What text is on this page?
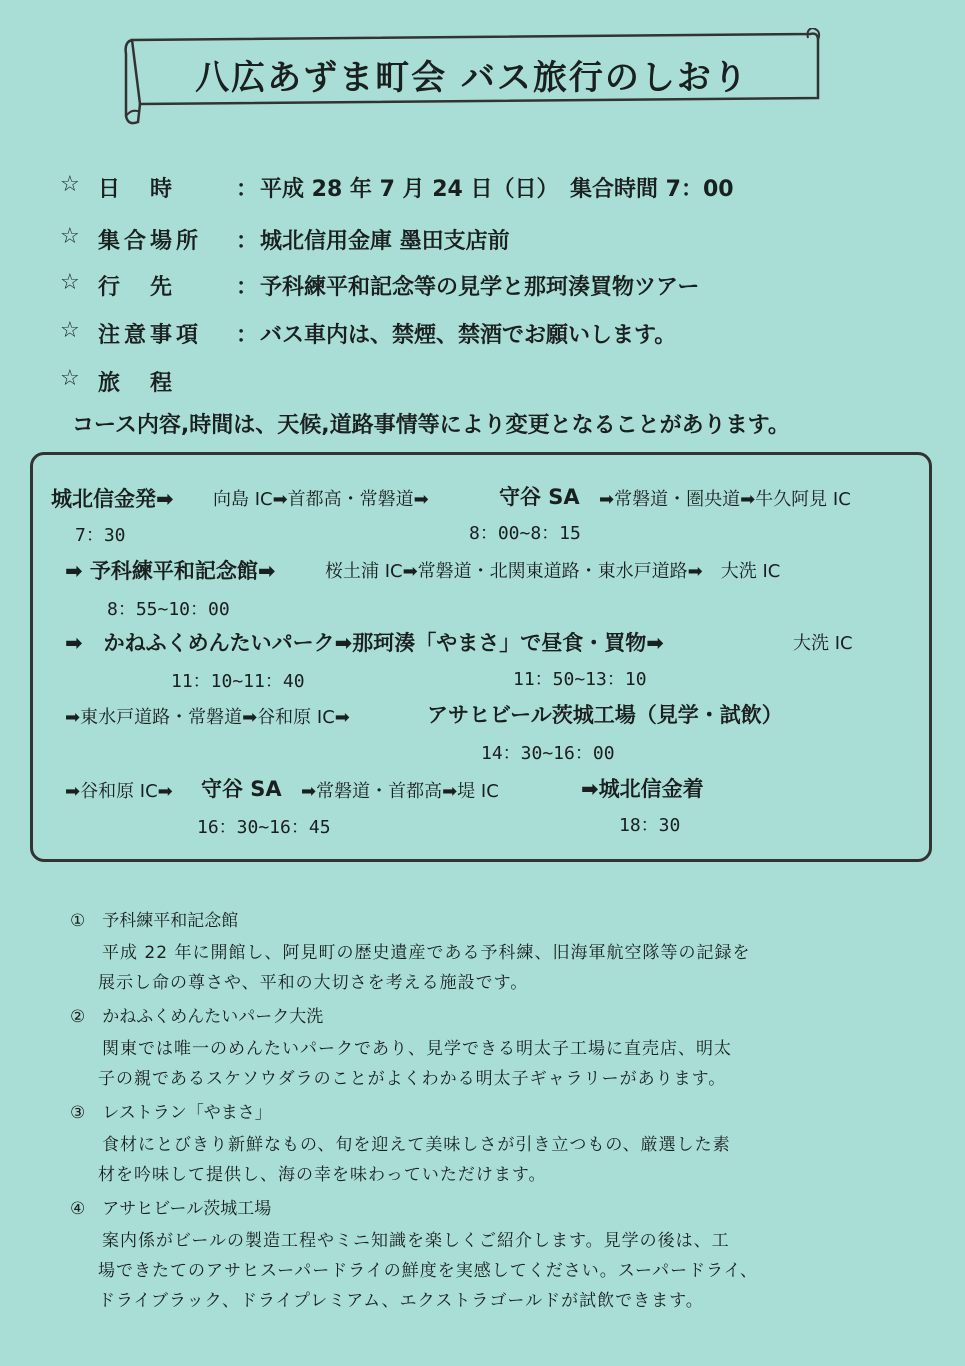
八広あずま町会 バス旅行のしおり
☆ 日　時	： 平成 28 年 7 月 24 日（日） 集合時間 7：00
☆ 集合場所	： 城北信用金庫 墨田支店前
☆ 行　先	： 予科練平和記念等の見学と那珂湊買物ツアー
☆ 注意事項	： バス車内は、禁煙、禁酒でお願いします。
☆ 旅　程
コース内容,時間は、天候,道路事情等により変更となることがあります。
城北信金発➡ 向島 IC➡首都高・常磐道➡	守谷 SA ➡常磐道・圏央道➡牛久阿見 IC
7：30	8：00~8：15
➡ 予科練平和記念館➡	桜土浦 IC➡常磐道・北関東道路・東水戸道路➡　大洗 IC
8：55~10：00
➡　かねふくめんたいパーク➡那珂湊「やまさ」で昼食・買物➡	大洗 IC
11：10~11：40	11：50~13：10
➡東水戸道路・常磐道➡谷和原 IC➡	アサヒビール茨城工場（見学・試飲）
14：30~16：00
➡谷和原 IC➡ 守谷 SA ➡常磐道・首都高➡堤 IC	➡城北信金着
16：30~16：45	18：30
①　予科練平和記念館
平成 22 年に開館し、阿見町の歴史遺産である予科練、旧海軍航空隊等の記録を
展示し命の尊さや、平和の大切さを考える施設です。
②　かねふくめんたいパーク大洗
関東では唯一のめんたいパークであり、見学できる明太子工場に直売店、明太
子の親であるスケソウダラのことがよくわかる明太子ギャラリーがあります。
③　レストラン「やまさ」
食材にとびきり新鮮なもの、旬を迎えて美味しさが引き立つもの、厳選した素
材を吟味して提供し、海の幸を味わっていただけます。
④　アサヒビール茨城工場
案内係がビールの製造工程やミニ知識を楽しくご紹介します。見学の後は、工
場できたてのアサヒスーパードライの鮮度を実感してください。スーパードライ、
ドライブラック、ドライプレミアム、エクストラゴールドが試飲できます。
